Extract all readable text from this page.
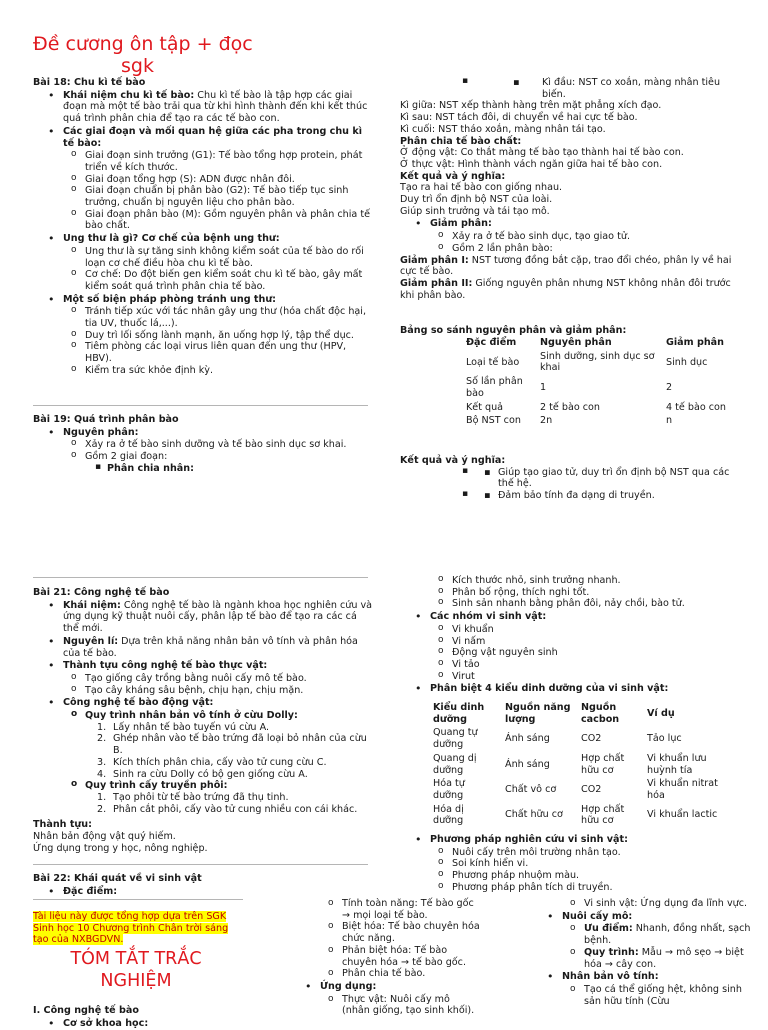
Đề cương ôn tập + đọc
sgk

Bài 18: Chu kì tế bào

• Khái niệm chu kì tế bào: Chu kì tế bào là tập hợp các giai đoạn mà một tế bào trải qua từ khi hình thành đến khi kết thúc quá trình phân chia để tạo ra các tế bào con.
• Các giai đoạn và mối quan hệ giữa các pha trong chu kì tế bào:
o Giai đoạn sinh trưởng (G1): Tế bào tổng hợp protein, phát triển về kích thước.
o Giai đoạn tổng hợp (S): ADN được nhân đôi.
o Giai đoạn chuẩn bị phân bào (G2): Tế bào tiếp tục sinh trưởng, chuẩn bị nguyên liệu cho phân bào.
o Giai đoạn phân bào (M): Gồm nguyên phân và phân chia tế bào chất.
• Ung thư là gì? Cơ chế của bệnh ung thư:
o Ung thư là sự tăng sinh không kiểm soát của tế bào do rối loạn cơ chế điều hòa chu kì tế bào.
o Cơ chế: Do đột biến gen kiểm soát chu kì tế bào, gây mất kiểm soát quá trình phân chia tế bào.
• Một số biện pháp phòng tránh ung thư:
o Tránh tiếp xúc với tác nhân gây ung thư (hóa chất độc hại, tia UV, thuốc lá,...).
o Duy trì lối sống lành mạnh, ăn uống hợp lý, tập thể dục.
o Tiêm phòng các loại virus liên quan đến ung thư (HPV, HBV).
o Kiểm tra sức khỏe định kỳ.

Bài 19: Quá trình phân bào

• Nguyên phân:
o Xảy ra ở tế bào sinh dưỡng và tế bào sinh dục sơ khai.
o Gồm 2 giai đoạn:
▪ Phân chia nhân:
▪ ▪ Kì đầu: NST co xoắn, màng nhân tiêu biến.

Kì giữa: NST xếp thành hàng trên mặt phẳng xích đạo.

Kì sau: NST tách đôi, di chuyển về hai cực tế bào.

Kì cuối: NST tháo xoắn, màng nhân tái tạo.

Phân chia tế bào chất:

Ở động vật: Co thắt màng tế bào tạo thành hai tế bào con.

Ở thực vật: Hình thành vách ngăn giữa hai tế bào con.

Kết quả và ý nghĩa:

Tạo ra hai tế bào con giống nhau.

Duy trì ổn định bộ NST của loài.

Giúp sinh trưởng và tái tạo mô.

• Giảm phân:
o Xảy ra ở tế bào sinh dục, tạo giao tử.
o Gồm 2 lần phân bào:

Giảm phân I: NST tương đồng bắt cặp, trao đổi chéo, phân ly về hai cực tế bào.

Giảm phân II: Giống nguyên phân nhưng NST không nhân đôi trước khi phân bào.

Bảng so sánh nguyên phân và giảm phân:

Đặc điểm	Nguyên phân	Giảm phân
Loại tế bào	Sinh dưỡng, sinh dục sơ khai	Sinh dục
Số lần phân bào	1	2
Kết quả	2 tế bào con	4 tế bào con
Bộ NST con	2n	n

Kết quả và ý nghĩa:

▪ ▪ Giúp tạo giao tử, duy trì ổn định bộ NST qua các thế hệ.
▪ ▪ Đảm bảo tính đa dạng di truyền.

Bài 21: Công nghệ tế bào

• Khái niệm: Công nghệ tế bào là ngành khoa học nghiên cứu và ứng dụng kỹ thuật nuôi cấy, phân lập tế bào để tạo ra các cá thể mới.
• Nguyên lí: Dựa trên khả năng nhân bản vô tính và phân hóa của tế bào.
• Thành tựu công nghệ tế bào thực vật:
o Tạo giống cây trồng bằng nuôi cấy mô tế bào.
o Tạo cây kháng sâu bệnh, chịu hạn, chịu mặn.
• Công nghệ tế bào động vật:
o Quy trình nhân bản vô tính ở cừu Dolly:
1. Lấy nhân tế bào tuyến vú cừu A.
2. Ghép nhân vào tế bào trứng đã loại bỏ nhân của cừu B.
3. Kích thích phân chia, cấy vào tử cung cừu C.
4. Sinh ra cừu Dolly có bộ gen giống cừu A.
o Quy trình cấy truyền phôi:
1. Tạo phôi từ tế bào trứng đã thụ tinh.
2. Phân cắt phôi, cấy vào tử cung nhiều con cái khác.

Thành tựu:

Nhân bản động vật quý hiếm.

Ứng dụng trong y học, nông nghiệp.

Bài 22: Khái quát về vi sinh vật

• Đặc điểm:
Tài liệu này được tổng hợp dựa trên SGK Sinh học 10 Chương trình Chân trời sáng tạo của NXBGDVN.
TÓM TẮT TRẮC
NGHIỆM

I. Công nghệ tế bào

• Cơ sở khoa học:
o Kích thước nhỏ, sinh trưởng nhanh.
o Phân bố rộng, thích nghi tốt.
o Sinh sản nhanh bằng phân đôi, nảy chồi, bào tử.
• Các nhóm vi sinh vật:
o Vi khuẩn
o Vi nấm
o Động vật nguyên sinh
o Vi tảo
o Virut
• Phân biệt 4 kiểu dinh dưỡng của vi sinh vật:
Kiểu dinh dưỡng	Nguồn năng lượng	Nguồn cacbon	Ví dụ
Quang tự dưỡng	Ánh sáng	CO2	Tảo lục
Quang dị dưỡng	Ánh sáng	Hợp chất hữu cơ	Vi khuẩn lưu huỳnh tía
Hóa tự dưỡng	Chất vô cơ	CO2	Vi khuẩn nitrat hóa
Hóa dị dưỡng	Chất hữu cơ	Hợp chất hữu cơ	Vi khuẩn lactic
• Phương pháp nghiên cứu vi sinh vật:
o Nuôi cấy trên môi trường nhân tạo.
o Soi kính hiển vi.
o Phương pháp nhuộm màu.
o Phương pháp phân tích di truyền.
o Tính toàn năng: Tế bào gốc → mọi loại tế bào.
o Biệt hóa: Tế bào chuyên hóa chức năng.
o Phản biệt hóa: Tế bào chuyên hóa → tế bào gốc.
o Phân chia tế bào.
• Ứng dụng:
o Thực vật: Nuôi cấy mô (nhân giống, tạo sinh khối).
o Vi sinh vật: Ứng dụng đa lĩnh vực.
• Nuôi cấy mô:
o Ưu điểm: Nhanh, đồng nhất, sạch bệnh.
o Quy trình: Mẫu → mô sẹo → biệt hóa → cây con.
• Nhân bản vô tính:
o Tạo cá thể giống hệt, không sinh sản hữu tính (Cừu
